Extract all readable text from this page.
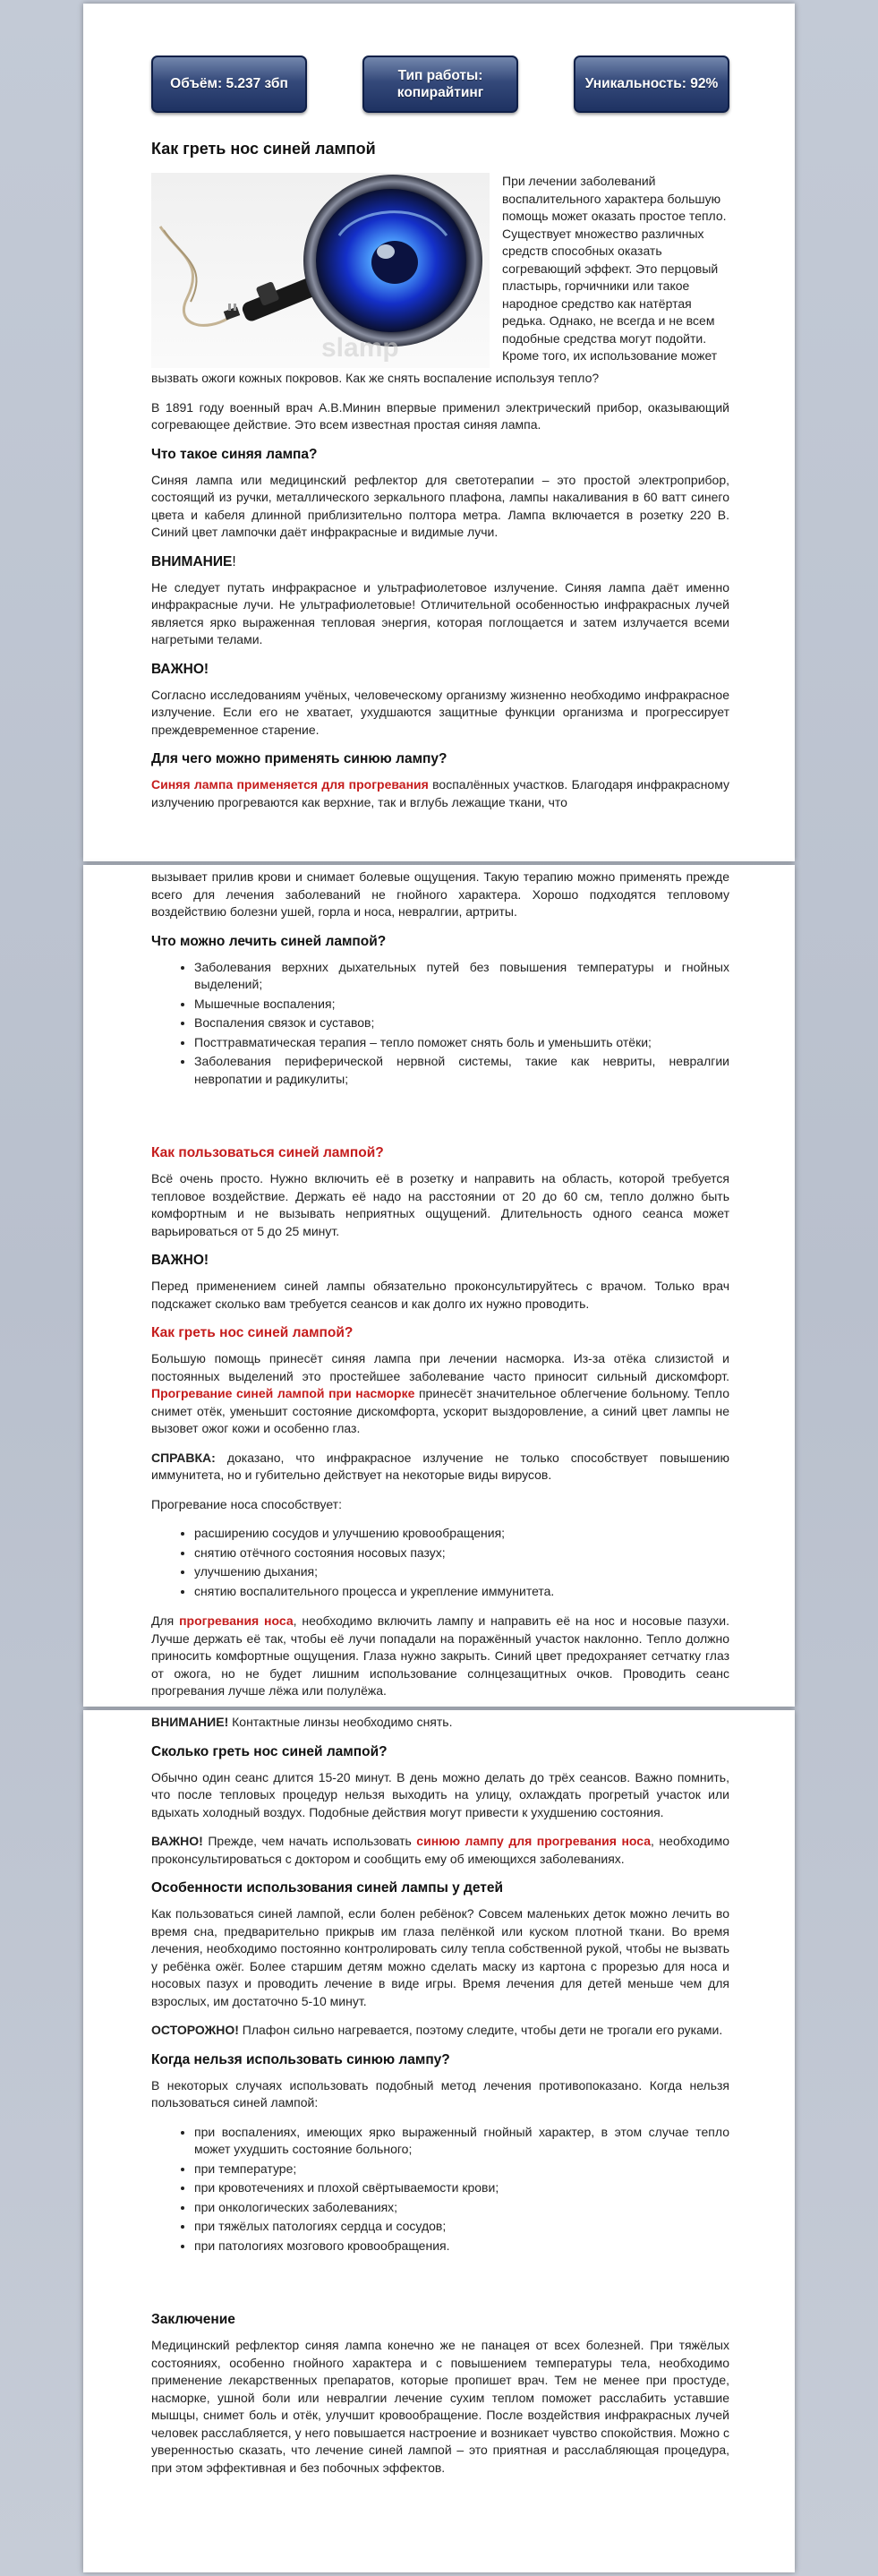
Объём: 5.237 збп
Тип работы: копирайтинг
Уникальность: 92%
Как греть нос синей лампой
slamp

При лечении заболеваний воспалительного характера большую помощь может оказать простое тепло. Существует множество различных средств способных оказать согревающий эффект. Это перцовый пластырь, горчичники или такое народное средство как натёртая редька. Однако, не всегда и не всем подобные средства могут подойти. Кроме того, их использование может

вызвать ожоги кожных покровов. Как же снять воспаление используя тепло?

В 1891 году военный врач А.В.Минин впервые применил электрический прибор, оказывающий согревающее действие. Это всем известная простая синяя лампа.

Что такое синяя лампа?

Синяя лампа или медицинский рефлектор для светотерапии – это простой электроприбор, состоящий из ручки, металлического зеркального плафона, лампы накаливания в 60 ватт синего цвета и кабеля длинной приблизительно полтора метра. Лампа включается в розетку 220 В. Синий цвет лампочки даёт инфракрасные и видимые лучи.

ВНИМАНИЕ!

Не следует путать инфракрасное и ультрафиолетовое излучение. Синяя лампа даёт именно инфракрасные лучи. Не ультрафиолетовые! Отличительной особенностью инфракрасных лучей является ярко выраженная тепловая энергия, которая поглощается и затем излучается всеми нагретыми телами.

ВАЖНО!

Согласно исследованиям учёных, человеческому организму жизненно необходимо инфракрасное излучение. Если его не хватает, ухудшаются защитные функции организма и прогрессирует преждевременное старение.

Для чего можно применять синюю лампу?

Синяя лампа применяется для прогревания воспалённых участков. Благодаря инфракрасному излучению прогреваются как верхние, так и вглубь лежащие ткани, что

вызывает прилив крови и снимает болевые ощущения. Такую терапию можно применять прежде всего для лечения заболеваний не гнойного характера. Хорошо подходятся тепловому воздействию болезни ушей, горла и носа, невралгии, артриты.

Что можно лечить синей лампой?
• Заболевания верхних дыхательных путей без повышения температуры и гнойных выделений;
• Мышечные воспаления;
• Воспаления связок и суставов;
• Посттравматическая терапия – тепло поможет снять боль и уменьшить отёки;
• Заболевания периферической нервной системы, такие как невриты, невралгии невропатии и радикулиты;
Как пользоваться синей лампой?

Всё очень просто. Нужно включить её в розетку и направить на область, которой требуется тепловое воздействие. Держать её надо на расстоянии от 20 до 60 см, тепло должно быть комфортным и не вызывать неприятных ощущений. Длительность одного сеанса может варьироваться от 5 до 25 минут.

ВАЖНО!

Перед применением синей лампы обязательно проконсультируйтесь с врачом. Только врач подскажет сколько вам требуется сеансов и как долго их нужно проводить.

Как греть нос синей лампой?

Большую помощь принесёт синяя лампа при лечении насморка. Из-за отёка слизистой и постоянных выделений это простейшее заболевание часто приносит сильный дискомфорт. Прогревание синей лампой при насморке принесёт значительное облегчение больному. Тепло снимет отёк, уменьшит состояние дискомфорта, ускорит выздоровление, а синий цвет лампы не вызовет ожог кожи и особенно глаз.

СПРАВКА: доказано, что инфракрасное излучение не только способствует повышению иммунитета, но и губительно действует на некоторые виды вирусов.

Прогревание носа способствует:

• расширению сосудов и улучшению кровообращения;
• снятию отёчного состояния носовых пазух;
• улучшению дыхания;
• снятию воспалительного процесса и укрепление иммунитета.

Для прогревания носа, необходимо включить лампу и направить её на нос и носовые пазухи. Лучше держать её так, чтобы её лучи попадали на поражённый участок наклонно. Тепло должно приносить комфортные ощущения. Глаза нужно закрыть. Синий цвет предохраняет сетчатку глаз от ожога, но не будет лишним использование солнцезащитных очков. Проводить сеанс прогревания лучше лёжа или полулёжа.

ВНИМАНИЕ! Контактные линзы необходимо снять.

Сколько греть нос синей лампой?

Обычно один сеанс длится 15-20 минут. В день можно делать до трёх сеансов. Важно помнить, что после тепловых процедур нельзя выходить на улицу, охлаждать прогретый участок или вдыхать холодный воздух. Подобные действия могут привести к ухудшению состояния.

ВАЖНО! Прежде, чем начать использовать синюю лампу для прогревания носа, необходимо проконсультироваться с доктором и сообщить ему об имеющихся заболеваниях.

Особенности использования синей лампы у детей

Как пользоваться синей лампой, если болен ребёнок? Совсем маленьких деток можно лечить во время сна, предварительно прикрыв им глаза пелёнкой или куском плотной ткани. Во время лечения, необходимо постоянно контролировать силу тепла собственной рукой, чтобы не вызвать у ребёнка ожёг. Более старшим детям можно сделать маску из картона с прорезью для носа и носовых пазух и проводить лечение в виде игры. Время лечения для детей меньше чем для взрослых, им достаточно 5-10 минут.

ОСТОРОЖНО! Плафон сильно нагревается, поэтому следите, чтобы дети не трогали его руками.

Когда нельзя использовать синюю лампу?

В некоторых случаях использовать подобный метод лечения противопоказано. Когда нельзя пользоваться синей лампой:

• при воспалениях, имеющих ярко выраженный гнойный характер, в этом случае тепло может ухудшить состояние больного;
• при температуре;
• при кровотечениях и плохой свёртываемости крови;
• при онкологических заболеваниях;
• при тяжёлых патологиях сердца и сосудов;
• при патологиях мозгового кровообращения.
Заключение

Медицинский рефлектор синяя лампа конечно же не панацея от всех болезней. При тяжёлых состояниях, особенно гнойного характера и с повышением температуры тела, необходимо применение лекарственных препаратов, которые пропишет врач. Тем не менее при простуде, насморке, ушной боли или невралгии лечение сухим теплом поможет расслабить уставшие мышцы, снимет боль и отёк, улучшит кровообращение. После воздействия инфракрасных лучей человек расслабляется, у него повышается настроение и возникает чувство спокойствия. Можно с уверенностью сказать, что лечение синей лампой – это приятная и расслабляющая процедура, при этом эффективная и без побочных эффектов.
